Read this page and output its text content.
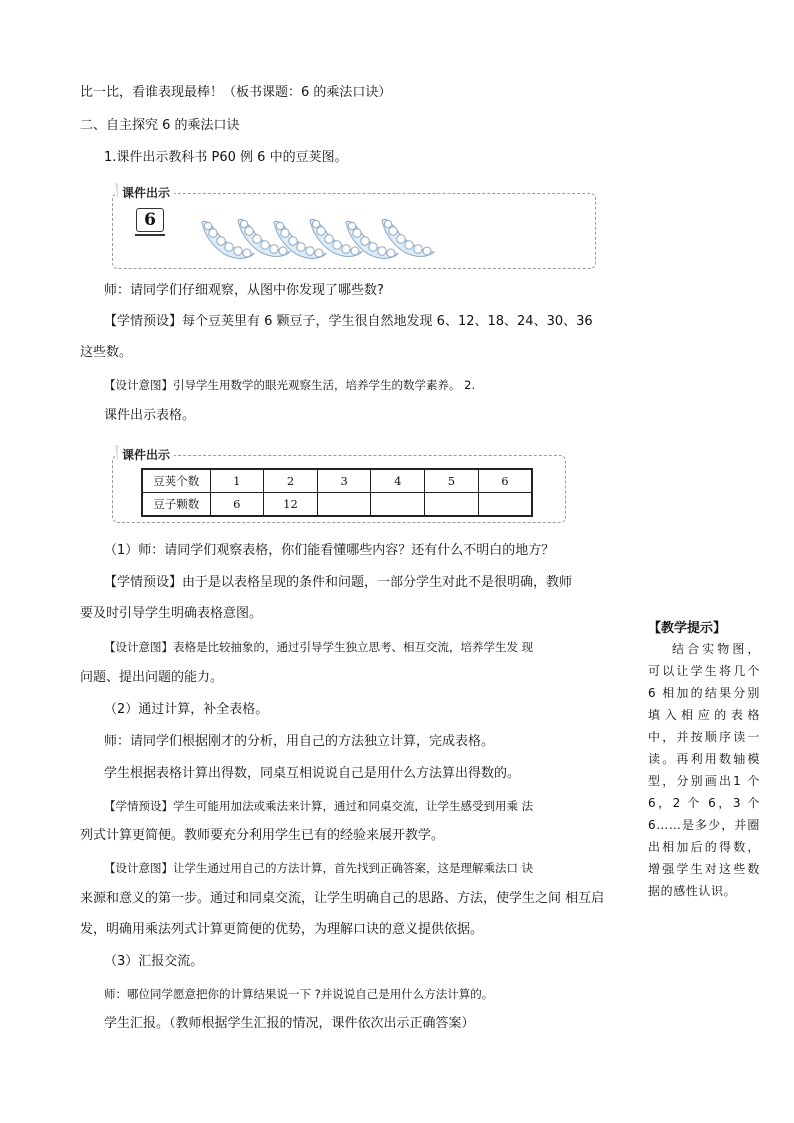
比一比，看谁表现最棒！（板书课题：6 的乘法口诀）
二、自主探究 6 的乘法口诀
1.课件出示教科书 P60 例 6 中的豆荚图。
课件出示
6
师：请同学们仔细观察，从图中你发现了哪些数?
【学情预设】每个豆荚里有 6 颗豆子，学生很自然地发现 6、12、18、24、30、36
这些数。
【设计意图】引导学生用数学的眼光观察生活，培养学生的数学素养。 2.
课件出示表格。
课件出示
豆荚个数	1	2	3	4	5	6
豆子颗数	6	12				
（1）师：请同学们观察表格，你们能看懂哪些内容？还有什么不明白的地方？
【学情预设】由于是以表格呈现的条件和问题，一部分学生对此不是很明确，教师
要及时引导学生明确表格意图。
【设计意图】表格是比较抽象的，通过引导学生独立思考、相互交流，培养学生发 现
问题、提出问题的能力。
（2）通过计算，补全表格。
师：请同学们根据刚才的分析，用自己的方法独立计算，完成表格。
学生根据表格计算出得数，同桌互相说说自己是用什么方法算出得数的。
【学情预设】学生可能用加法或乘法来计算，通过和同桌交流，让学生感受到用乘 法
列式计算更简便。教师要充分利用学生已有的经验来展开教学。
【设计意图】让学生通过用自己的方法计算，首先找到正确答案，这是理解乘法口 诀
来源和意义的第一步。通过和同桌交流，让学生明确自己的思路、方法，使学生之间 相互启
发，明确用乘法列式计算更简便的优势，为理解口诀的意义提供依据。
（3）汇报交流。
师：哪位同学愿意把你的计算结果说一下 ?并说说自己是用什么方法计算的。
学生汇报。（教师根据学生汇报的情况，课件依次出示正确答案）
【教学提示】
结合实物图，可以让学生将几个 6 相加的结果分别填入相应的表格中，并按顺序读一读。再利用数轴模型，分别画出1 个6，2 个 6，3 个 6……是多少，并圈出相加后的得数，增强学生对这些数据的感性认识。
